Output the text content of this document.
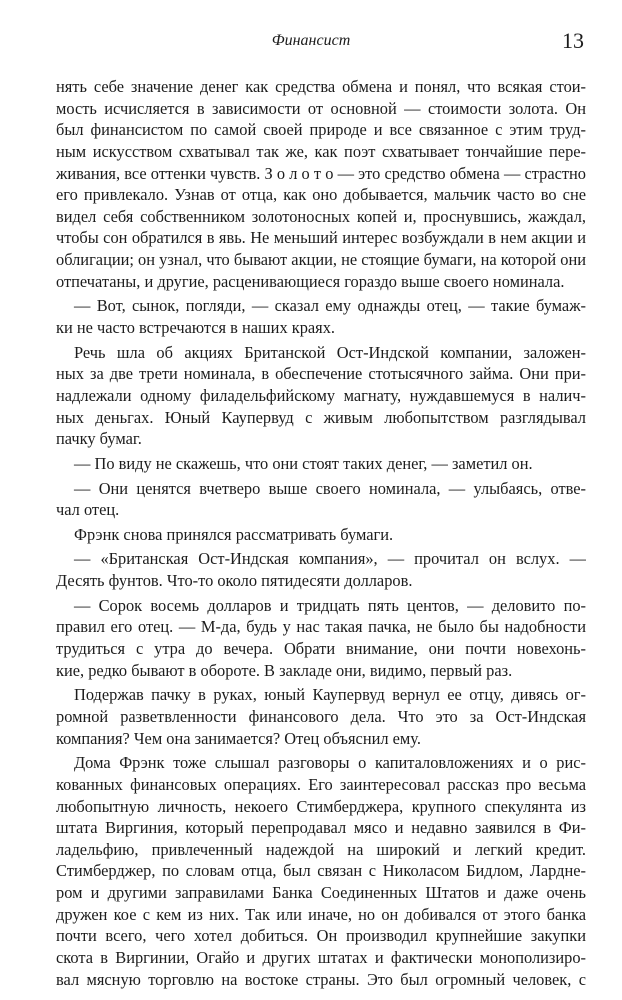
Финансист	13
нять себе значение денег как средства обмена и понял, что всякая стои-
мость исчисляется в зависимости от основной — стоимости золота. Он
был финансистом по самой своей природе и все связанное с этим труд-
ным искусством схватывал так же, как поэт схватывает тончайшие пере-
живания, все оттенки чувств. З о л о т о — это средство обмена — страстно
его привлекало. Узнав от отца, как оно добывается, мальчик часто во сне
видел себя собственником золотоносных копей и, проснувшись, жаждал,
чтобы сон обратился в явь. Не меньший интерес возбуждали в нем акции и
облигации; он узнал, что бывают акции, не стоящие бумаги, на которой они
отпечатаны, и другие, расценивающиеся гораздо выше своего номинала.
— Вот, сынок, погляди, — сказал ему однажды отец, — такие бумаж-
ки не часто встречаются в наших краях.
Речь шла об акциях Британской Ост-Индской компании, заложен-
ных за две трети номинала, в обеспечение стотысячного займа. Они при-
надлежали одному филадельфийскому магнату, нуждавшемуся в налич-
ных деньгах. Юный Каупервуд с живым любопытством разглядывал
пачку бумаг.
— По виду не скажешь, что они стоят таких денег, — заметил он.
— Они ценятся вчетверо выше своего номинала, — улыбаясь, отве-
чал отец.
Фрэнк снова принялся рассматривать бумаги.
— «Британская Ост-Индская компания», — прочитал он вслух. —
Десять фунтов. Что-то около пятидесяти долларов.
— Сорок восемь долларов и тридцать пять центов, — деловито по-
правил его отец. — М-да, будь у нас такая пачка, не было бы надобности
трудиться с утра до вечера. Обрати внимание, они почти новехонь-
кие, редко бывают в обороте. В закладе они, видимо, первый раз.
Подержав пачку в руках, юный Каупервуд вернул ее отцу, дивясь ог-
ромной разветвленности финансового дела. Что это за Ост-Индская
компания? Чем она занимается? Отец объяснил ему.
Дома Фрэнк тоже слышал разговоры о капиталовложениях и о рис-
кованных финансовых операциях. Его заинтересовал рассказ про весьма
любопытную личность, некоего Стимберджера, крупного спекулянта из
штата Виргиния, который перепродавал мясо и недавно заявился в Фи-
ладельфию, привлеченный надеждой на широкий и легкий кредит.
Стимберджер, по словам отца, был связан с Николасом Бидлом, Ларднe-
ром и другими заправилами Банка Соединенных Штатов и даже очень
дружен кое с кем из них. Так или иначе, но он добивался от этого банка
почти всего, чего хотел добиться. Он производил крупнейшие закупки
скота в Виргинии, Огайо и других штатах и фактически монополизиро-
вал мясную торговлю на востоке страны. Это был огромный человек, с
